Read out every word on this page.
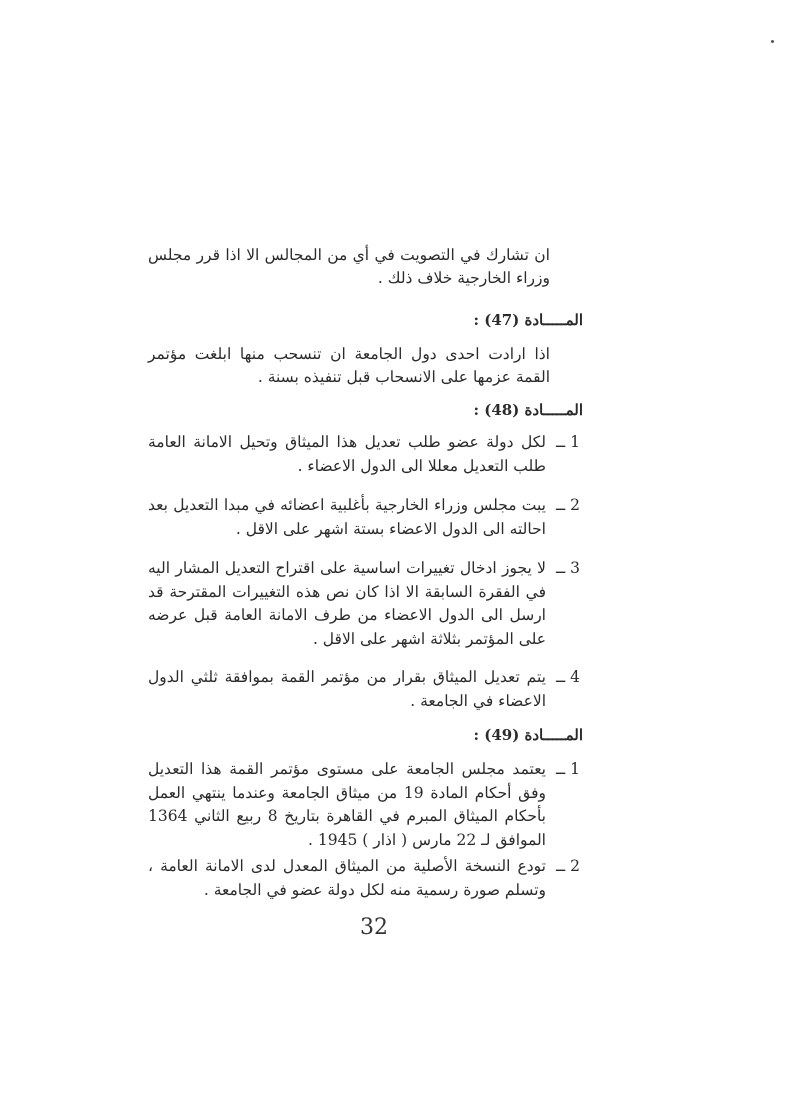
ان تشارك في التصويت في أي من المجالس الا اذا قرر مجلس وزراء الخارجية خلاف ذلك .
المـــــادة (47) :
اذا ارادت احدى دول الجامعة ان تنسحب منها ابلغت مؤتمر القمة عزمها على الانسحاب قبل تنفيذه بسنة .
المـــــادة (48) :
1 ــ
لكل دولة عضو طلب تعديل هذا الميثاق وتحيل الامانة العامة طلب التعديل معللا الى الدول الاعضاء .
2 ــ
يبت مجلس وزراء الخارجية بأغلبية اعضائه في مبدا التعديل بعد احالته الى الدول الاعضاء بستة اشهر على الاقل .
3 ــ
لا يجوز ادخال تغييرات اساسية على اقتراح التعديل المشار اليه في الفقرة السابقة الا اذا كان نص هذه التغييرات المقترحة قد ارسل الى الدول الاعضاء من طرف الامانة العامة قبل عرضه على المؤتمر بثلاثة اشهر على الاقل .
4 ــ
يتم تعديل الميثاق بقرار من مؤتمر القمة بموافقة ثلثي الدول الاعضاء في الجامعة .
المـــــادة (49) :
1 ــ
يعتمد مجلس الجامعة على مستوى مؤتمر القمة هذا التعديل وفق أحكام المادة 19 من ميثاق الجامعة وعندما ينتهي العمل بأحكام الميثاق المبرم في القاهرة بتاريخ 8 ربيع الثاني 1364 الموافق لـ 22 مارس ( اذار ) 1945 .
2 ــ
تودع النسخة الأصلية من الميثاق المعدل لدى الامانة العامة ، وتسلم صورة رسمية منه لكل دولة عضو في الجامعة .
32
